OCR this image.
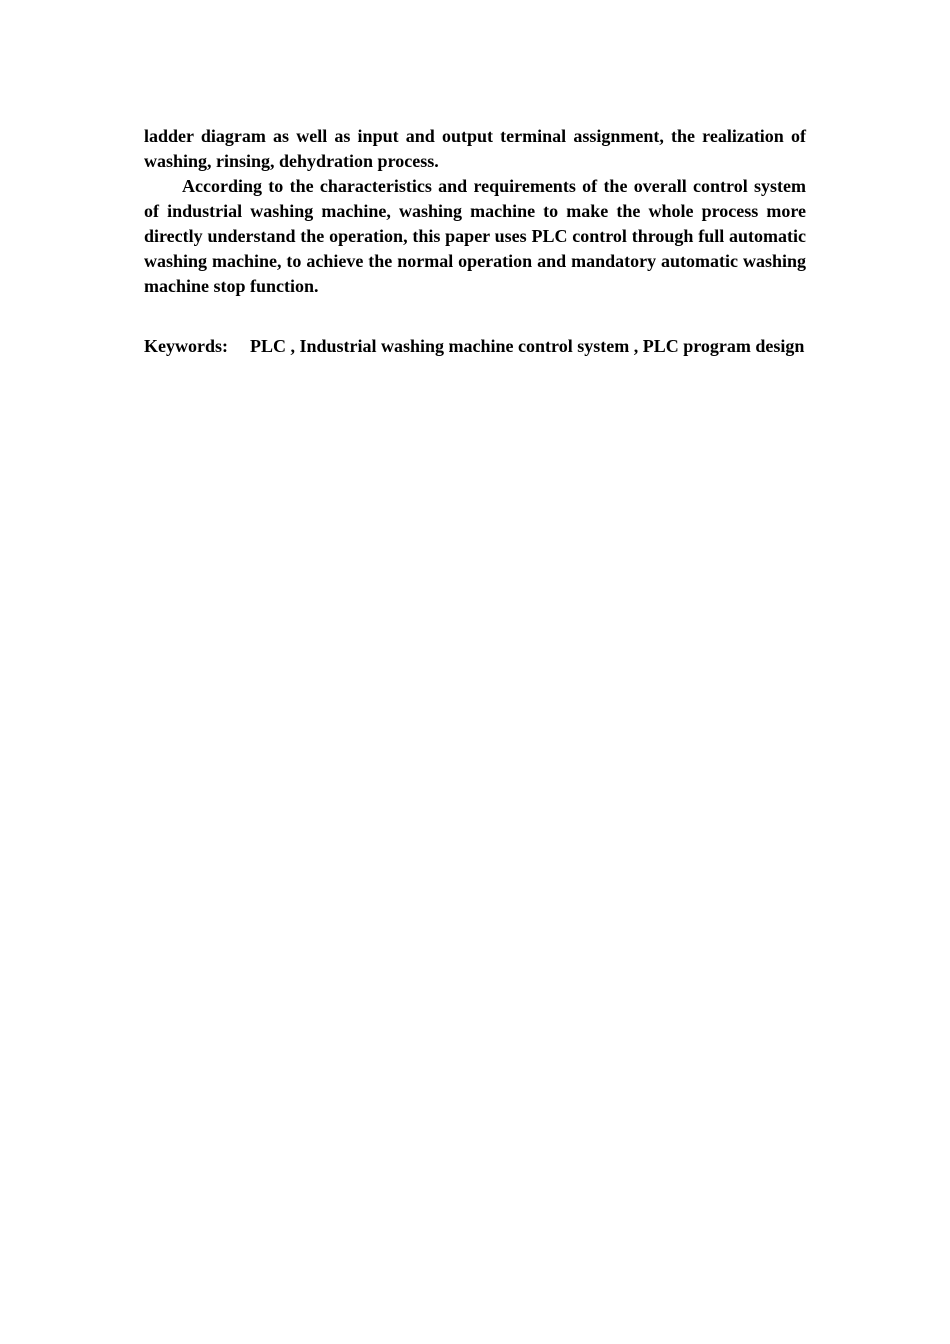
ladder diagram as well as input and output terminal assignment, the realization of washing, rinsing, dehydration process.

According to the characteristics and requirements of the overall control system of industrial washing machine, washing machine to make the whole process more directly understand the operation, this paper uses PLC control through full automatic washing machine, to achieve the normal operation and mandatory automatic washing machine stop function.

Keywords: PLC , Industrial washing machine control system , PLC program design
